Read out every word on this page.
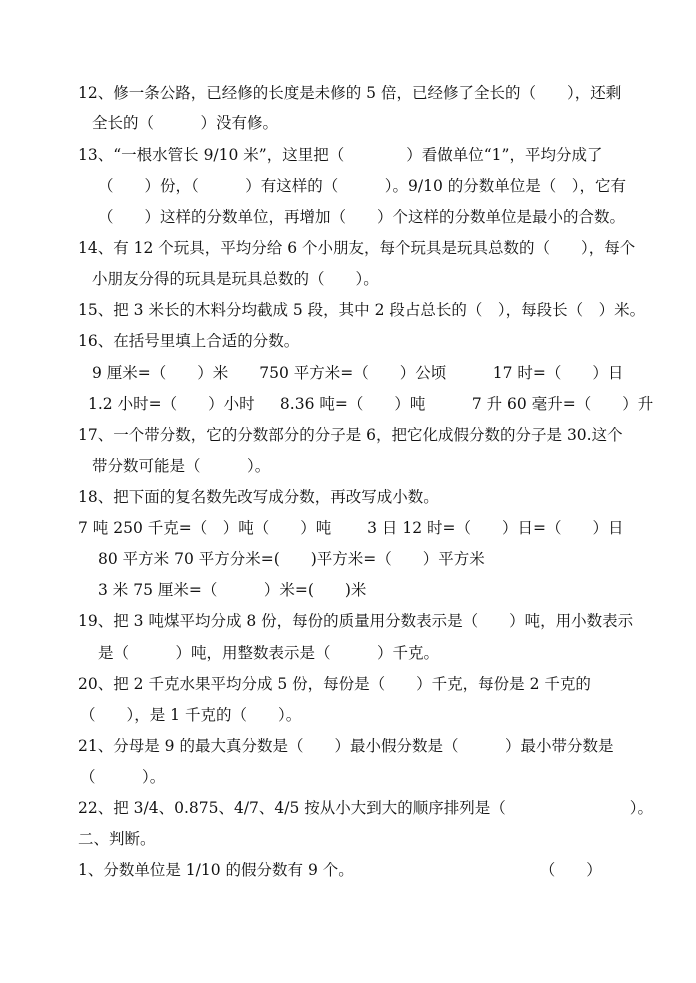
12、修一条公路，已经修的长度是未修的 5 倍，已经修了全长的（　　），还剩
全长的（　　　）没有修。
13、“一根水管长 9/10 米”，这里把（　　　　）看做单位“1”，平均分成了
（　　）份，（　　　）有这样的（　　　）。9/10 的分数单位是（　），它有
（　　）这样的分数单位，再增加（　　）个这样的分数单位是最小的合数。
14、有 12 个玩具，平均分给 6 个小朋友，每个玩具是玩具总数的（　　），每个
小朋友分得的玩具是玩具总数的（　　）。
15、把 3 米长的木料分均截成 5 段，其中 2 段占总长的（　），每段长（　）米。
16、在括号里填上合适的分数。
9 厘米=（　　）米　　750 平方米=（　　）公顷　　　17 时=（　　）日
1.2 小时=（　　）小时　  8.36 吨=（　　）吨　　　7 升 60 毫升=（　　）升
17、一个带分数，它的分数部分的分子是 6，把它化成假分数的分子是 30.这个
带分数可能是（　　　）。
18、把下面的复名数先改写成分数，再改写成小数。
7 吨 250 千克=（　）吨（　　）吨　　 3 日 12 时=（　　）日=（　　）日
80 平方米 70 平方分米=(　　)平方米=（　　）平方米
3 米 75 厘米=（　　　）米=(　　)米
19、把 3 吨煤平均分成 8 份，每份的质量用分数表示是（　　）吨，用小数表示
是（　　　）吨，用整数表示是（　　　）千克。
20、把 2 千克水果平均分成 5 份，每份是（　　）千克，每份是 2 千克的
（　　），是 1 千克的（　　）。
21、分母是 9 的最大真分数是（　　）最小假分数是（　　　）最小带分数是
（　　　）。
22、把 3/4、0.875、4/7、4/5 按从小大到大的顺序排列是（　　　　　　　　）。
二、判断。
1、分数单位是 1/10 的假分数有 9 个。　　　　　　　　　　　　　（　　）
